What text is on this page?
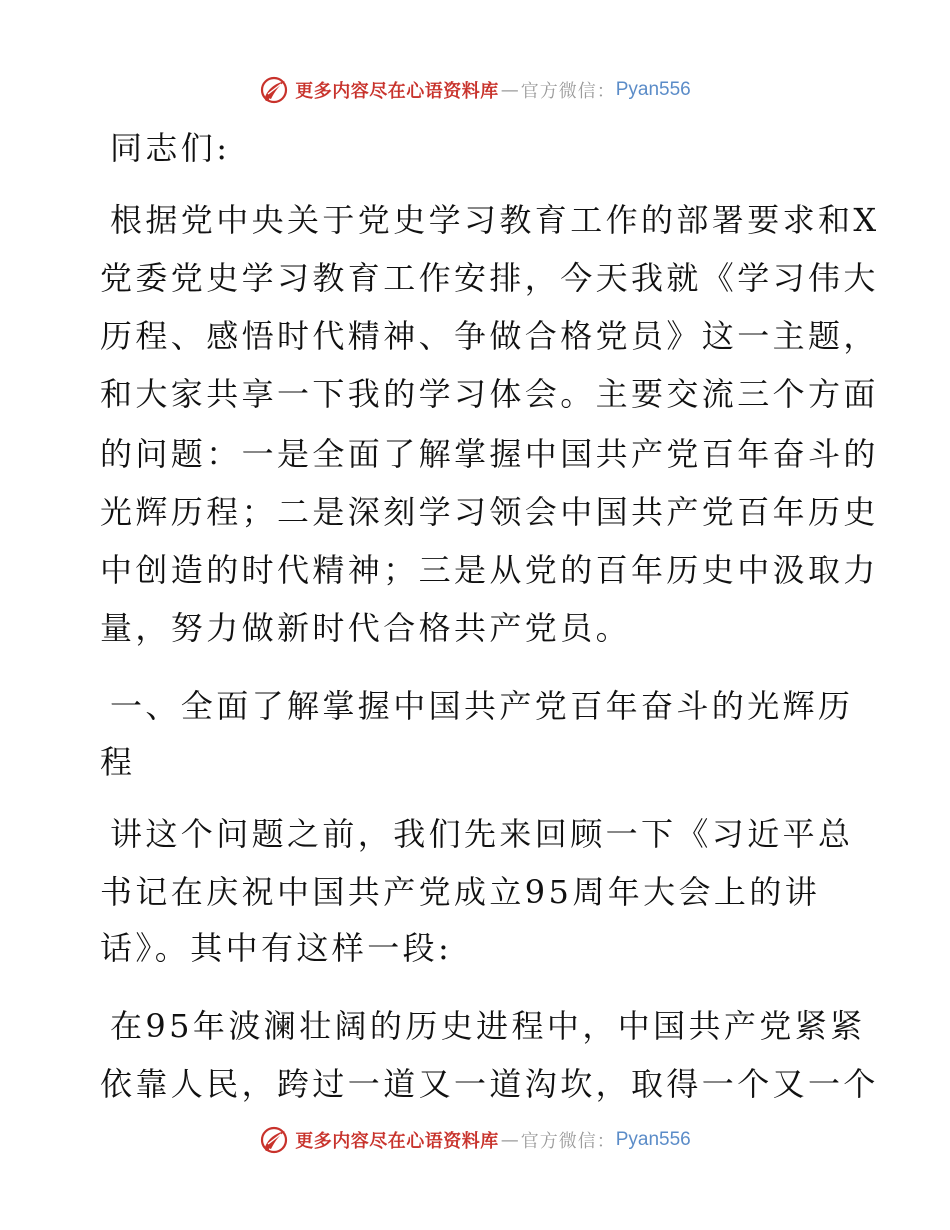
更多内容尽在心语资料库 — 官方微信： Pyan556
同志们:
根据党中央关于党史学习教育工作的部署要求和X
党委党史学习教育工作安排，今天我就《学习伟大
历程、感悟时代精神、争做合格党员》这一主题，
和大家共享一下我的学习体会。主要交流三个方面
的问题：一是全面了解掌握中国共产党百年奋斗的
光辉历程；二是深刻学习领会中国共产党百年历史
中创造的时代精神；三是从党的百年历史中汲取力
量，努力做新时代合格共产党员。
一、全面了解掌握中国共产党百年奋斗的光辉历
程
讲这个问题之前，我们先来回顾一下《习近平总
书记在庆祝中国共产党成立95周年大会上的讲
话》。其中有这样一段:
在95年波澜壮阔的历史进程中，中国共产党紧紧
依靠人民，跨过一道又一道沟坎，取得一个又一个
更多内容尽在心语资料库 — 官方微信： Pyan556
